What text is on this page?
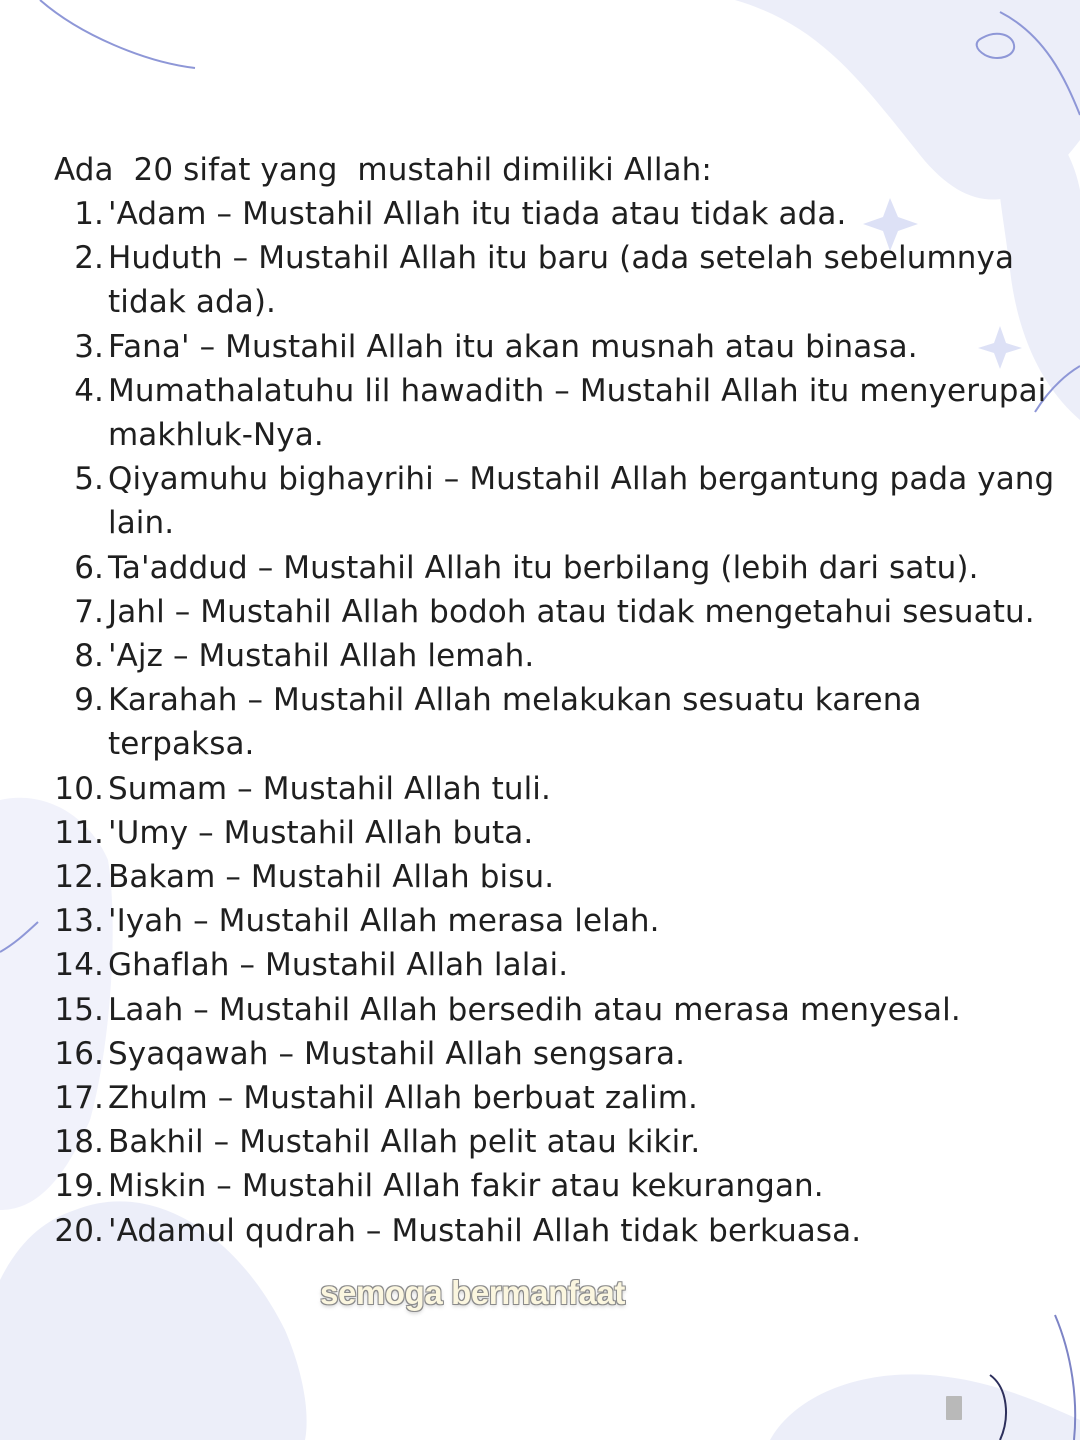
Ada  20 sifat yang  mustahil dimiliki Allah:

1. 'Adam – Mustahil Allah itu tiada atau tidak ada.
2. Huduth – Mustahil Allah itu baru (ada setelah sebelumnya tidak ada).
3. Fana' – Mustahil Allah itu akan musnah atau binasa.
4. Mumathalatuhu lil hawadith – Mustahil Allah itu menyerupai makhluk-Nya.
5. Qiyamuhu bighayrihi – Mustahil Allah bergantung pada yang lain.
6. Ta'addud – Mustahil Allah itu berbilang (lebih dari satu).
7. Jahl – Mustahil Allah bodoh atau tidak mengetahui sesuatu.
8. 'Ajz – Mustahil Allah lemah.
9. Karahah – Mustahil Allah melakukan sesuatu karena terpaksa.
10. Sumam – Mustahil Allah tuli.
11. 'Umy – Mustahil Allah buta.
12. Bakam – Mustahil Allah bisu.
13. 'Iyah – Mustahil Allah merasa lelah.
14. Ghaflah – Mustahil Allah lalai.
15. Laah – Mustahil Allah bersedih atau merasa menyesal.
16. Syaqawah – Mustahil Allah sengsara.
17. Zhulm – Mustahil Allah berbuat zalim.
18. Bakhil – Mustahil Allah pelit atau kikir.
19. Miskin – Mustahil Allah fakir atau kekurangan.
20. 'Adamul qudrah – Mustahil Allah tidak berkuasa.
semoga bermanfaat
